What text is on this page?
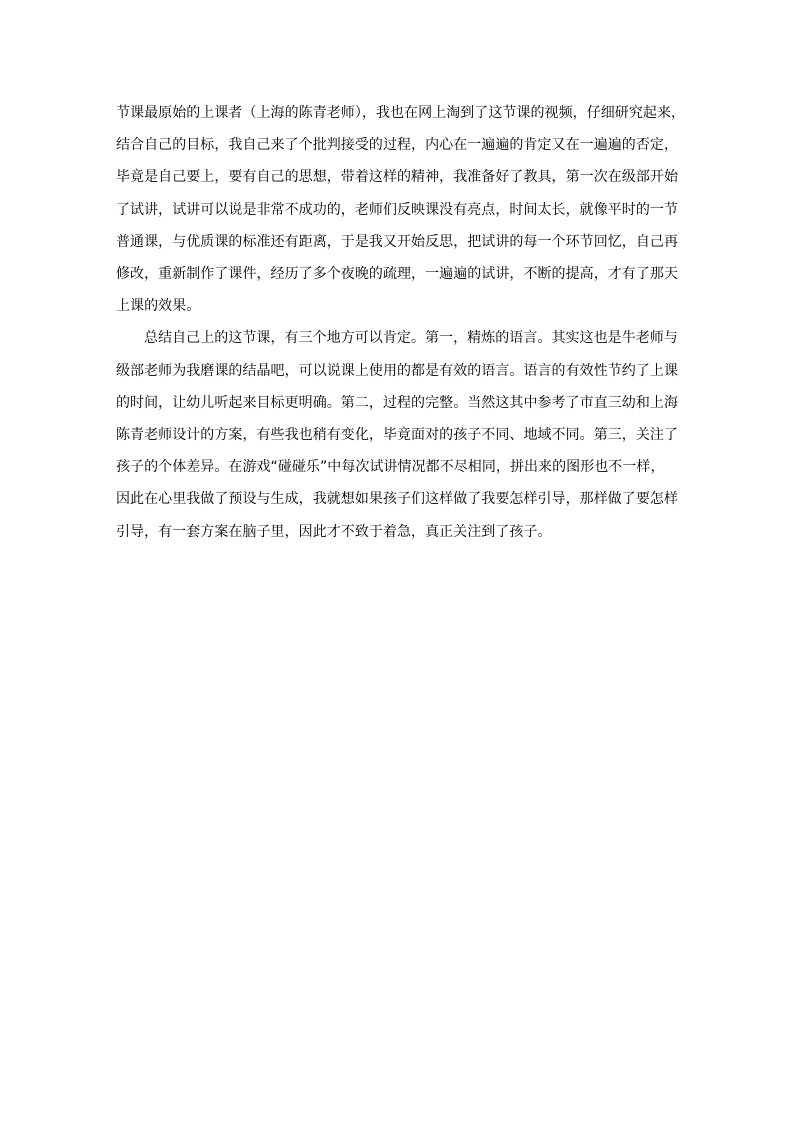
节课最原始的上课者（上海的陈青老师），我也在网上淘到了这节课的视频，仔细研究起来，
结合自己的目标，我自己来了个批判接受的过程，内心在一遍遍的肯定又在一遍遍的否定，
毕竟是自己要上，要有自己的思想，带着这样的精神，我准备好了教具，第一次在级部开始
了试讲，试讲可以说是非常不成功的，老师们反映课没有亮点，时间太长，就像平时的一节
普通课，与优质课的标准还有距离，于是我又开始反思，把试讲的每一个环节回忆，自己再
修改，重新制作了课件，经历了多个夜晚的疏理，一遍遍的试讲，不断的提高，才有了那天
上课的效果。

总结自己上的这节课，有三个地方可以肯定。第一，精炼的语言。其实这也是牛老师与
级部老师为我磨课的结晶吧，可以说课上使用的都是有效的语言。语言的有效性节约了上课
的时间，让幼儿听起来目标更明确。第二，过程的完整。当然这其中参考了市直三幼和上海
陈青老师设计的方案，有些我也稍有变化，毕竟面对的孩子不同、地域不同。第三，关注了
孩子的个体差异。在游戏“碰碰乐”中每次试讲情况都不尽相同，拼出来的图形也不一样，
因此在心里我做了预设与生成，我就想如果孩子们这样做了我要怎样引导，那样做了要怎样
引导，有一套方案在脑子里，因此才不致于着急，真正关注到了孩子。
